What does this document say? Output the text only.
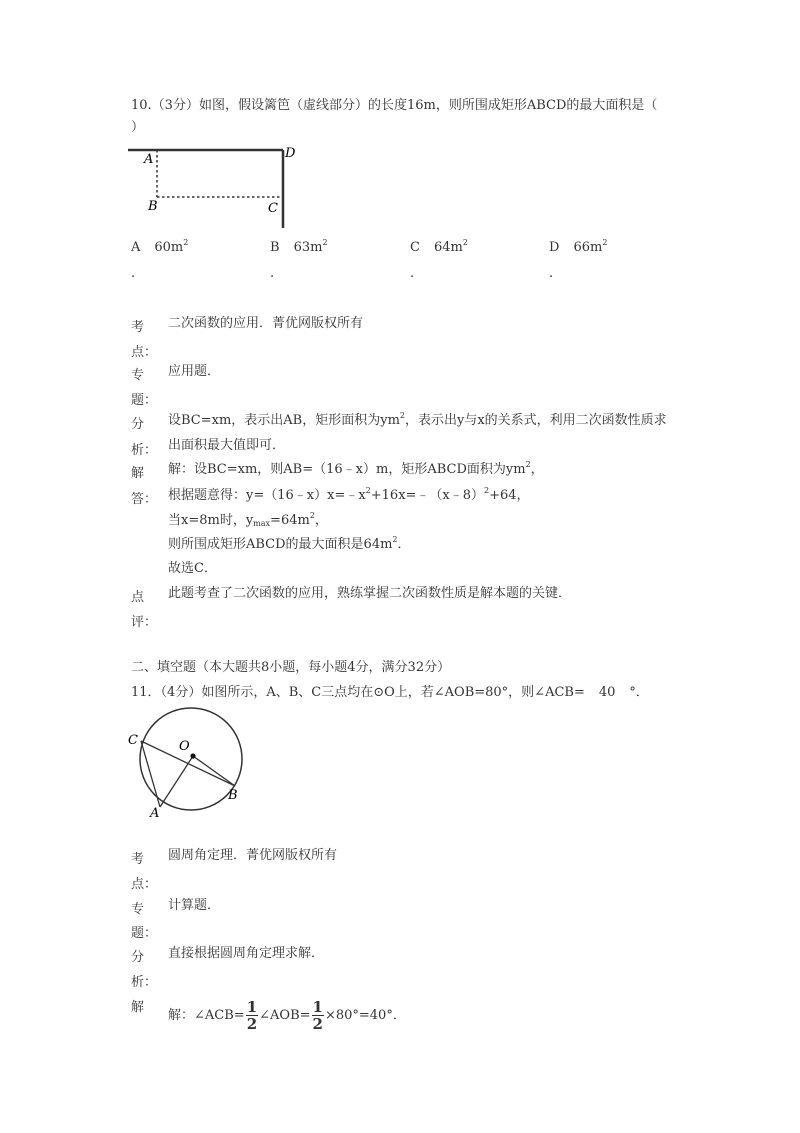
10.（3分）如图，假设篱笆（虚线部分）的长度16m，则所围成矩形ABCD的最大面积是（
）
A
B	C
D
A $60m^2$
.
B $63m^2$
.
C $64m^2$
.
D $66m^2$
.
考
点：
二次函数的应用．菁优网版权所有
专
题：
应用题．
分
析：
设BC=xm，表示出AB，矩形面积为$ym^2$，表示出y与x的关系式，利用二次函数性质求
出面积最大值即可．
解
答：
解：设BC=xm，则AB=（16﹣x）m，矩形ABCD面积为$ym^2$，
根据题意得：$y=(16﹣x)x=﹣x^2+16x=﹣(x﹣8)^2+64$，
当x=8m时，$y_{max}=64m^2$，
则所围成矩形ABCD的最大面积是$64m^2$．
故选C．
点
评：
此题考查了二次函数的应用，熟练掌握二次函数性质是解本题的关键．
二、填空题（本大题共8小题，每小题4分，满分32分）
11．（4分）如图所示，A、B、C三点均在⊙O上，若∠AOB=80°，则∠ACB= 40 °．
C	O
A
B
考
点：
圆周角定理．菁优网版权所有
专
题：
计算题．
分
析：
直接根据圆周角定理求解．
解
解：∠ACB= $\frac{1}{2}$ ∠AOB= $\frac{1}{2} \times 80^\circ=40^\circ$．
